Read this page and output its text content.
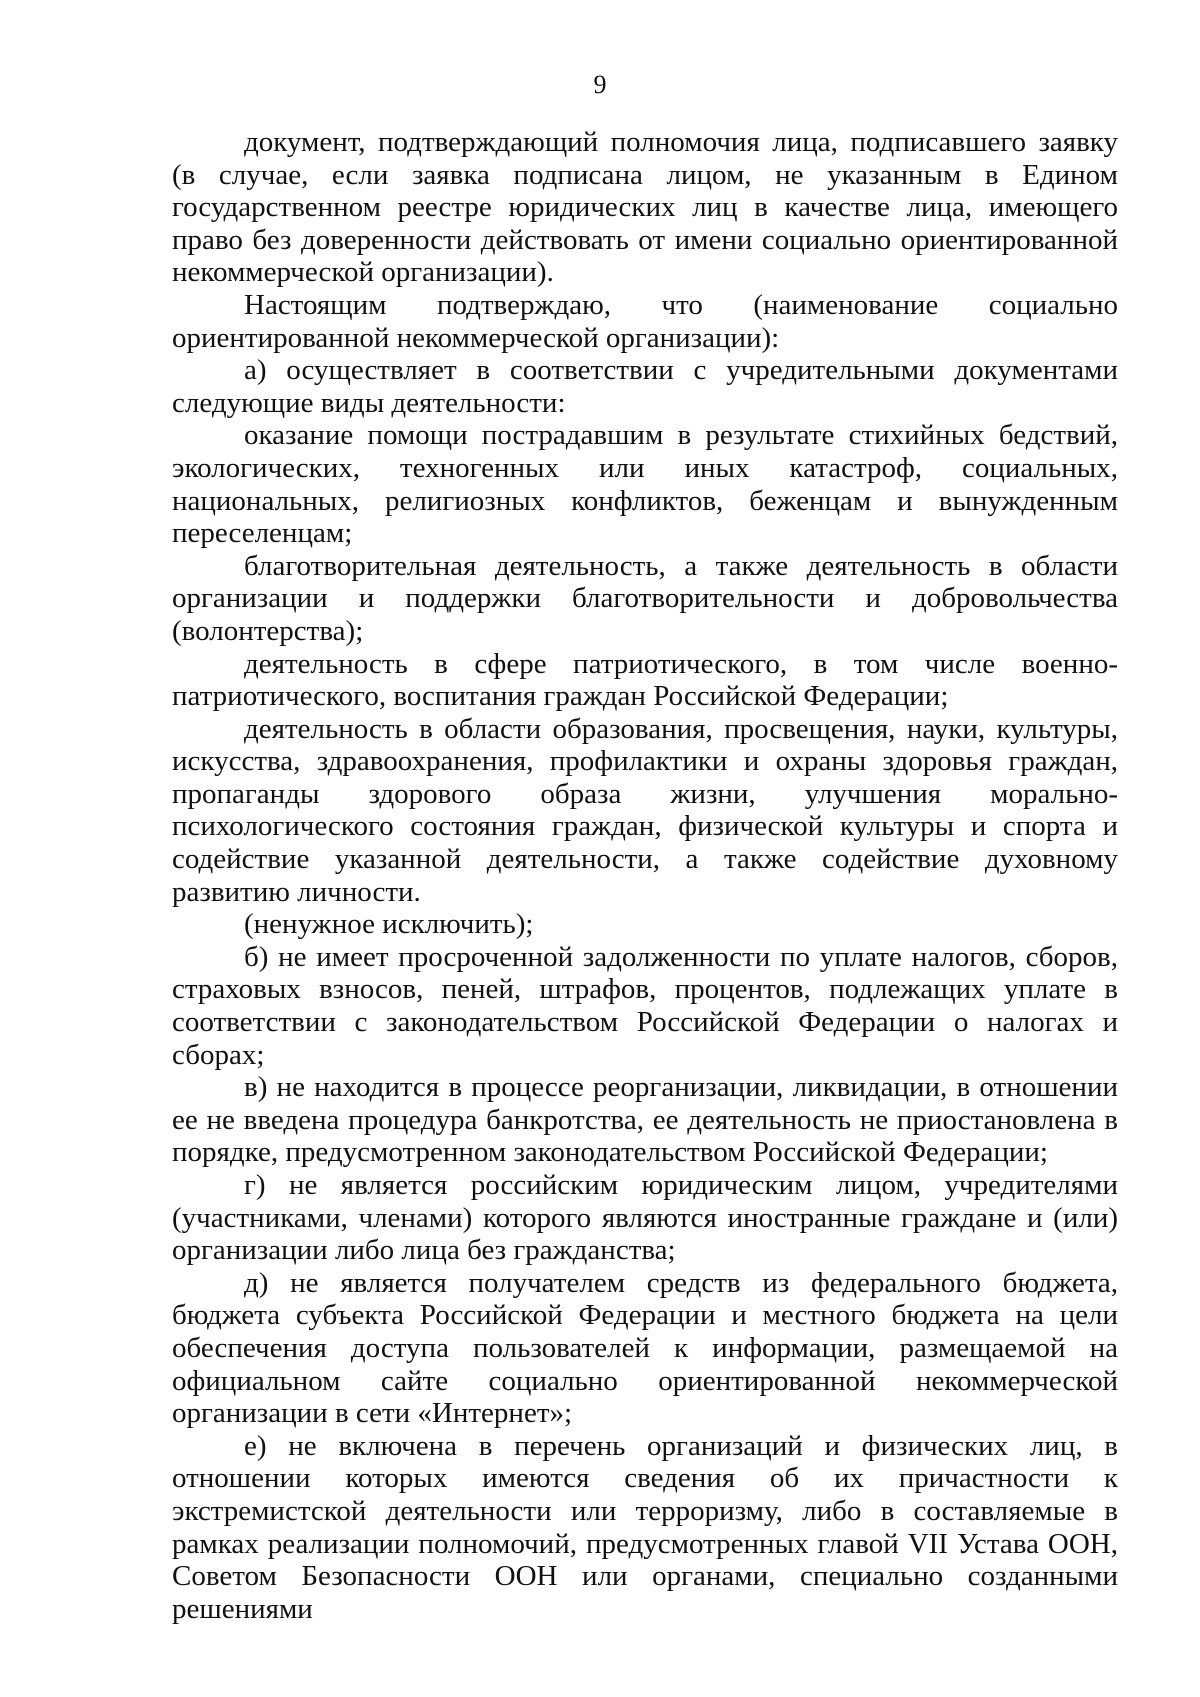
9

документ, подтверждающий полномочия лица, подписавшего заявку (в случае, если заявка подписана лицом, не указанным в Едином государственном реестре юридических лиц в качестве лица, имеющего право без доверенности действовать от имени социально ориентированной некоммерческой организации).

Настоящим подтверждаю, что (наименование социально ориентированной некоммерческой организации):

а) осуществляет в соответствии с учредительными документами следующие виды деятельности:

оказание помощи пострадавшим в результате стихийных бедствий, экологических, техногенных или иных катастроф, социальных, национальных, религиозных конфликтов, беженцам и вынужденным переселенцам;

благотворительная деятельность, а также деятельность в области организации и поддержки благотворительности и добровольчества (волонтерства);

деятельность в сфере патриотического, в том числе военно-патриотического, воспитания граждан Российской Федерации;

деятельность в области образования, просвещения, науки, культуры, искусства, здравоохранения, профилактики и охраны здоровья граждан, пропаганды здорового образа жизни, улучшения морально-психологического состояния граждан, физической культуры и спорта и содействие указанной деятельности, а также содействие духовному развитию личности.

(ненужное исключить);

б) не имеет просроченной задолженности по уплате налогов, сборов, страховых взносов, пеней, штрафов, процентов, подлежащих уплате в соответствии с законодательством Российской Федерации о налогах и сборах;

в) не находится в процессе реорганизации, ликвидации, в отношении ее не введена процедура банкротства, ее деятельность не приостановлена в порядке, предусмотренном законодательством Российской Федерации;

г) не является российским юридическим лицом, учредителями (участниками, членами) которого являются иностранные граждане и (или) организации либо лица без гражданства;

д) не является получателем средств из федерального бюджета, бюджета субъекта Российской Федерации и местного бюджета на цели обеспечения доступа пользователей к информации, размещаемой на официальном сайте социально ориентированной некоммерческой организации в сети «Интернет»;

е) не включена в перечень организаций и физических лиц, в отношении которых имеются сведения об их причастности к экстремистской деятельности или терроризму, либо в составляемые в рамках реализации полномочий, предусмотренных главой VII Устава ООН, Советом Безопасности ООН или органами, специально созданными решениями
